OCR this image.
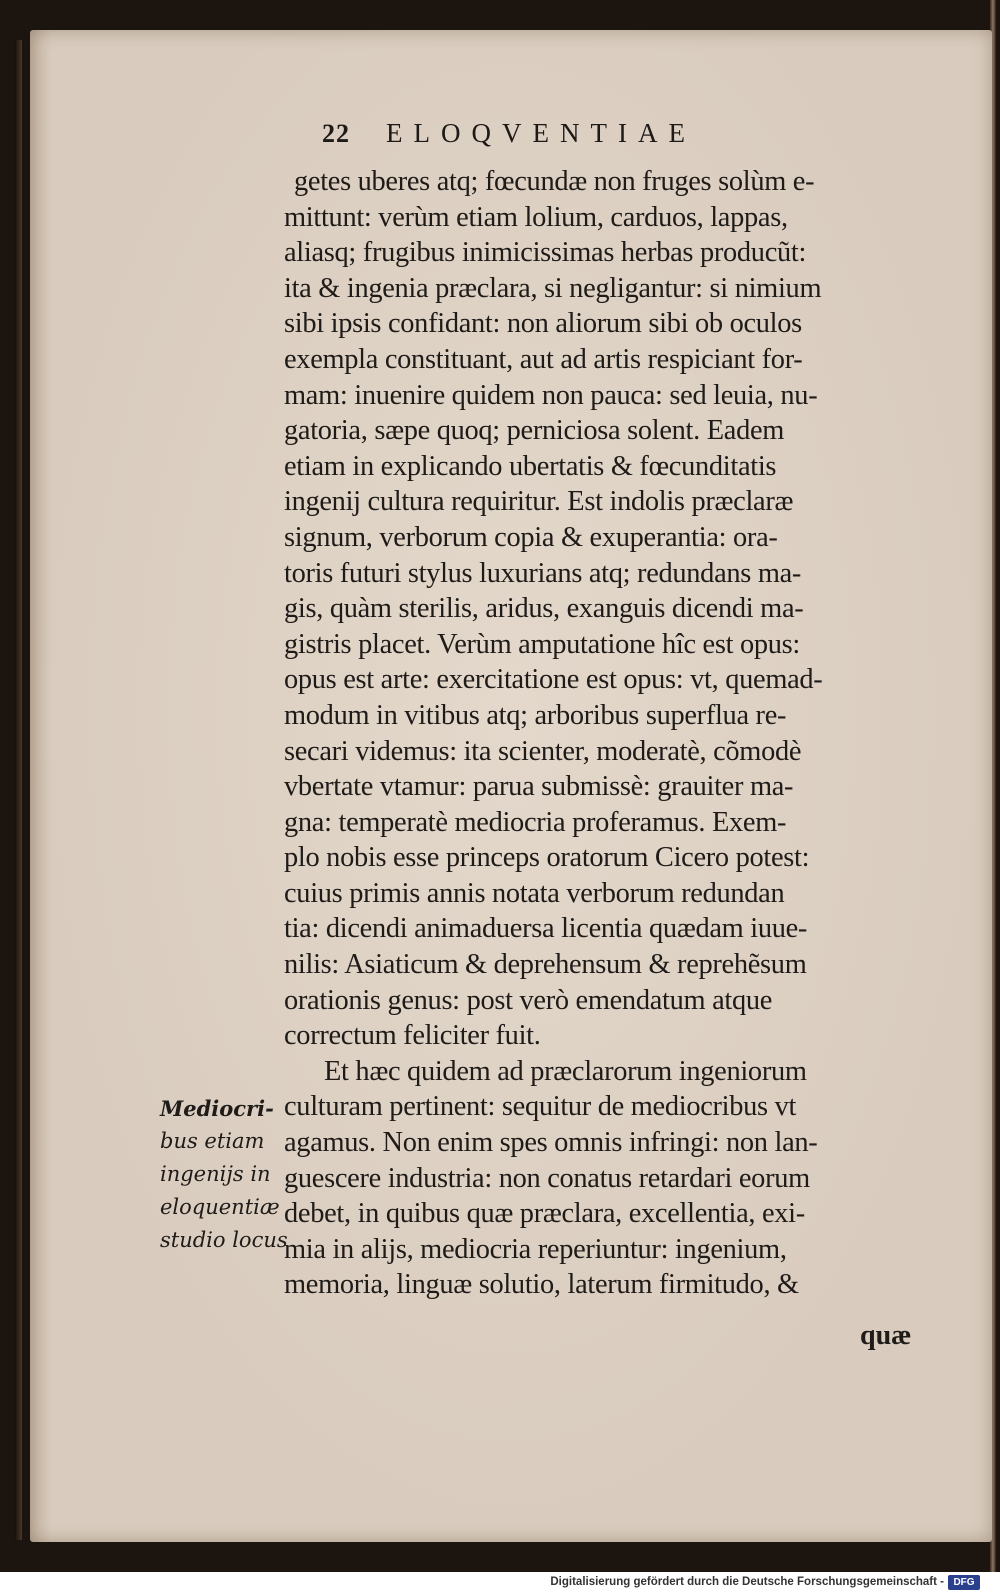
22 ELOQVENTIAE
getes uberes atq; fœcundæ non fruges solùm e-
mittunt: verùm etiam lolium, carduos, lappas,
aliasq; frugibus inimicissimas herbas producũt:
ita & ingenia præclara, si negligantur: si nimium
sibi ipsis confidant: non aliorum sibi ob oculos
exempla constituant, aut ad artis respiciant for-
mam: inuenire quidem non pauca: sed leuia, nu-
gatoria, sæpe quoq; perniciosa solent. Eadem
etiam in explicando ubertatis & fœcunditatis
ingenij cultura requiritur. Est indolis præclaræ
signum, verborum copia & exuperantia: ora-
toris futuri stylus luxurians atq; redundans ma-
gis, quàm sterilis, aridus, exanguis dicendi ma-
gistris placet. Verùm amputatione hîc est opus:
opus est arte: exercitatione est opus: vt, quemad-
modum in vitibus atq; arboribus superflua re-
secari videmus: ita scienter, moderatè, cõmodè
vbertate vtamur: parua submissè: grauiter ma-
gna: temperatè mediocria proferamus. Exem-
plo nobis esse princeps oratorum Cicero potest:
cuius primis annis notata verborum redundan
tia: dicendi animaduersa licentia quædam iuue-
nilis: Asiaticum & deprehensum & reprehẽsum
orationis genus: post verò emendatum atque
correctum feliciter fuit.
Et hæc quidem ad præclarorum ingeniorum
culturam pertinent: sequitur de mediocribus vt
agamus. Non enim spes omnis infringi: non lan-
guescere industria: non conatus retardari eorum
debet, in quibus quæ præclara, excellentia, exi-
mia in alijs, mediocria reperiuntur: ingenium,
memoria, linguæ solutio, laterum firmitudo, &
quæ
Mediocri-
bus etiam
ingenijs in
eloquentiæ
studio locus
Digitalisierung gefördert durch die Deutsche Forschungsgemeinschaft - DFG
